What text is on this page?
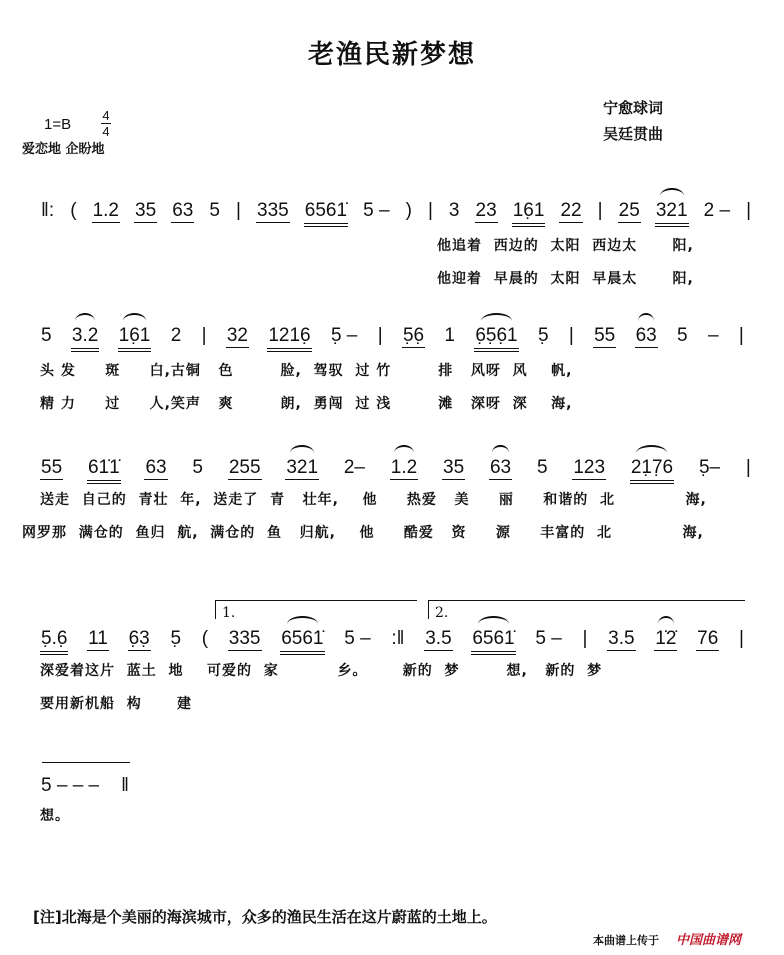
老渔民新梦想
1=B
4
4
爱恋地 企盼地
宁愈球词
吴廷贯曲
‖: ( 1.2 35 63 5 | 335 6561̇ 5 – ) | 3 23 16̣1 22 | 25 321 2 – |
他追着  西边的  太阳  西边太      阳,
他迎着  早晨的  太阳  早晨太      阳,
5 3.2 16̣1 2 | 32 1216̣ 5̣ – | 5̣6̣ 1 6̣5̣6̣1 5̣ | 55 63 5 – |
头 发     斑     白,古铜   色        脸,  驾驭  过 竹        排   风呀  风    帆,
精 力     过     人,笑声   爽        朗,  勇闯  过 浅        滩   深呀  深    海,
55 61̇1̇ 63 5 255 321 2– 1.2 35 63 5 123 21̣7̣6 5̣– |
送走  自己的  青壮  年,  送走了  青   壮年,    他     热爱   美     丽     和谐的  北            海,
网罗那  满仓的  鱼归  航,  满仓的  鱼   归航,    他     酷爱   资     源     丰富的  北            海,
5̣.6̣ 11 6̣3̣ 5̣ ( 335 6561̇ 5 – :‖ 3.5 6561̇ 5 – | 3.5 1̇2̇ 76 |
深爱着这片  蓝土  地    可爱的  家          乡。      新的  梦        想,   新的  梦
要用新机船  构      建
1.	2.
5 – – – ‖
想。
[注]北海是个美丽的海滨城市，众多的渔民生活在这片蔚蓝的土地上。
本曲谱上传于 中国曲谱网
